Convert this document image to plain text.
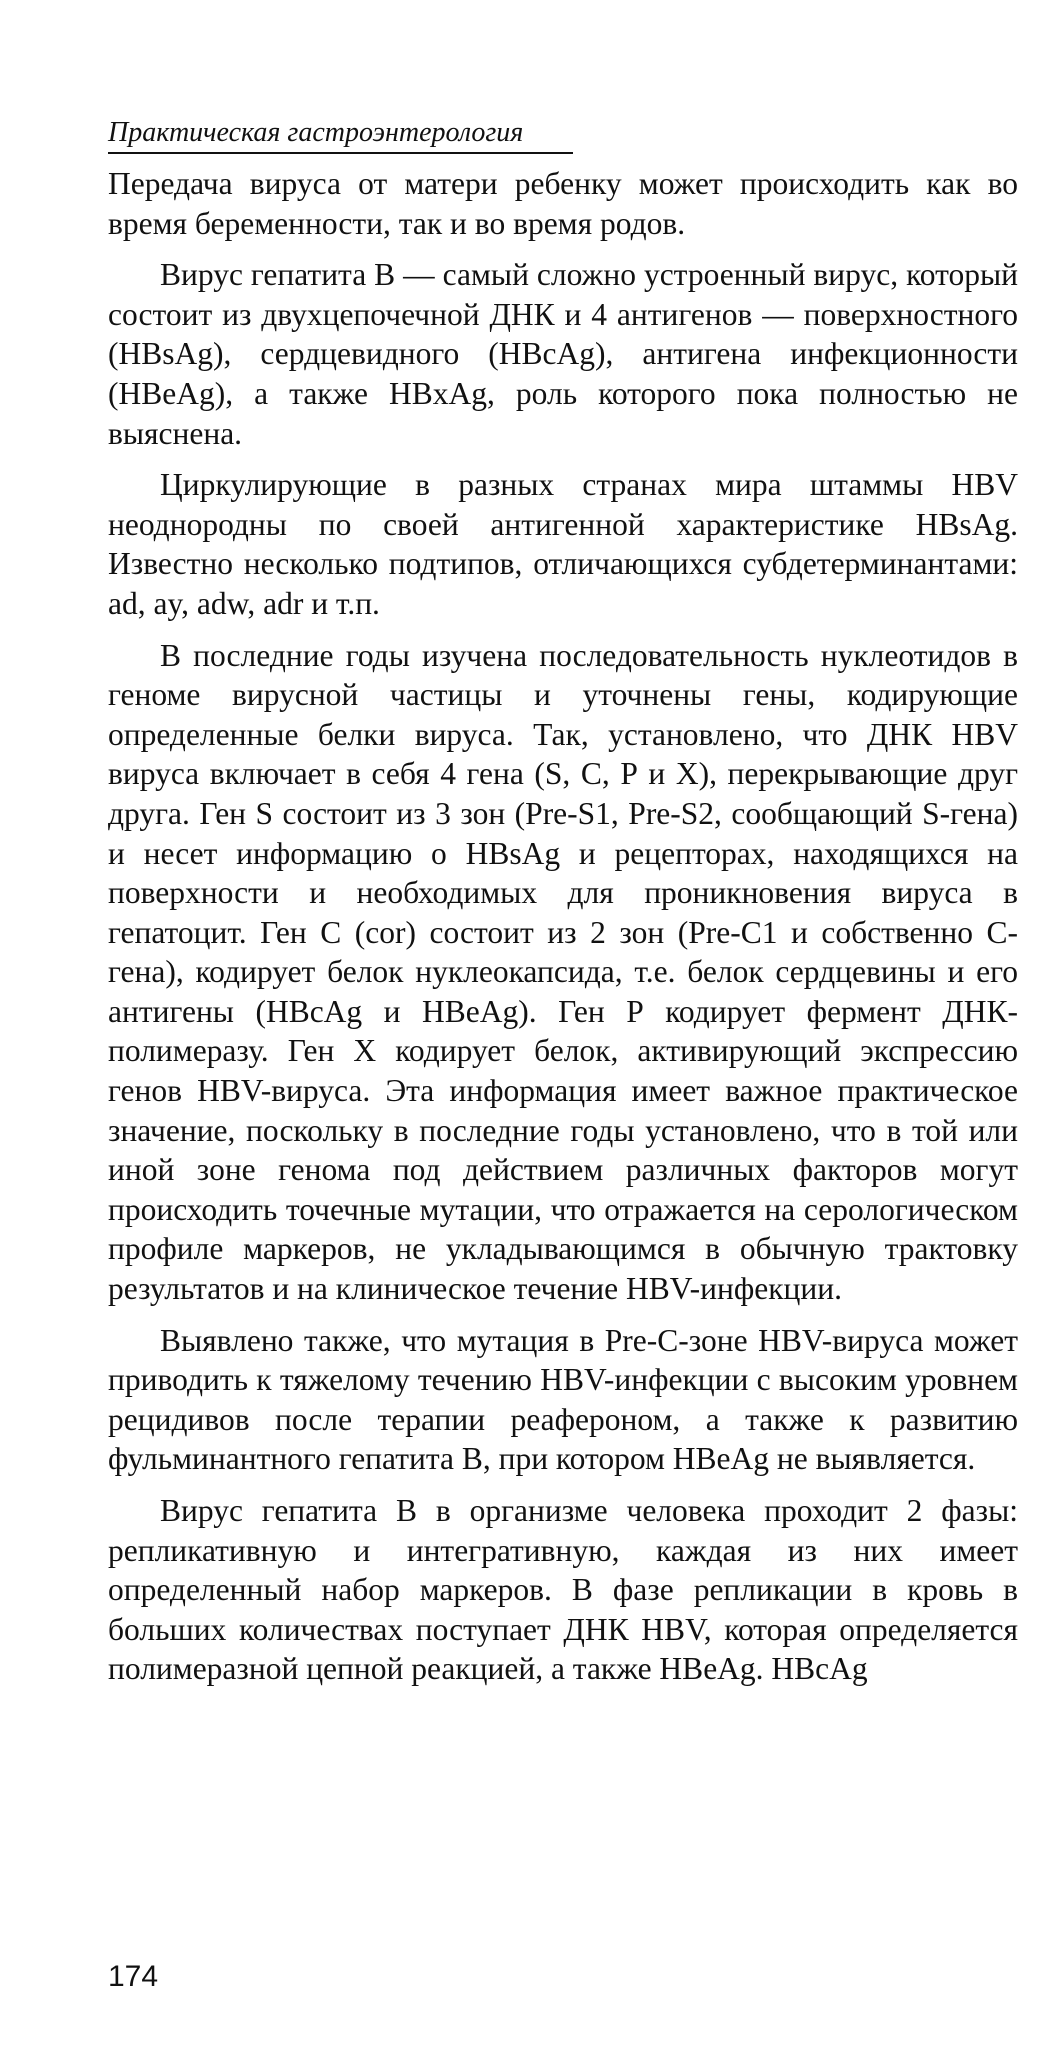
Практическая гастроэнтерология

Передача вируса от матери ребенку может происходить как во время беременности, так и во время родов.

Вирус гепатита В — самый сложно устроенный вирус, который состоит из двухцепочечной ДНК и 4 антигенов — поверхностного (HBsAg), сердцевидного (HBcAg), антигена инфекционности (HBeAg), а также HBxAg, роль которого пока полностью не выяснена.

Циркулирующие в разных странах мира штаммы HBV неоднородны по своей антигенной характеристике HBsAg. Известно несколько подтипов, отличающихся субдетерминантами: ad, ay, adw, adr и т.п.

В последние годы изучена последовательность нуклеотидов в геноме вирусной частицы и уточнены гены, кодирующие определенные белки вируса. Так, установлено, что ДНК HBV вируса включает в себя 4 гена (S, С, Р и X), перекрывающие друг друга. Ген S состоит из 3 зон (Pre-S1, Pre-S2, сообщающий S-гена) и несет информацию о HBsAg и рецепторах, находящихся на поверхности и необходимых для проникновения вируса в гепатоцит. Ген С (cor) состоит из 2 зон (Pre-C1 и собственно С-гена), кодирует белок нуклеокапсида, т.е. белок сердцевины и его антигены (HBcAg и HBeAg). Ген Р кодирует фермент ДНК-полимеразу. Ген X кодирует белок, активирующий экспрессию генов HBV-вируса. Эта информация имеет важное практическое значение, поскольку в последние годы установлено, что в той или иной зоне генома под действием различных факторов могут происходить точечные мутации, что отражается на серологическом профиле маркеров, не укладывающимся в обычную трактовку результатов и на клиническое течение HBV-инфекции.

Выявлено также, что мутация в Pre-C-зоне HBV-вируса может приводить к тяжелому течению HBV-инфекции с высоким уровнем рецидивов после терапии реафероном, а также к развитию фульминантного гепатита В, при котором HBeAg не выявляется.

Вирус гепатита В в организме человека проходит 2 фазы: репликативную и интегративную, каждая из них имеет определенный набор маркеров. В фазе репликации в кровь в больших количествах поступает ДНК HBV, которая определяется полимеразной цепной реакцией, а также HBeAg. HBcAg

174
